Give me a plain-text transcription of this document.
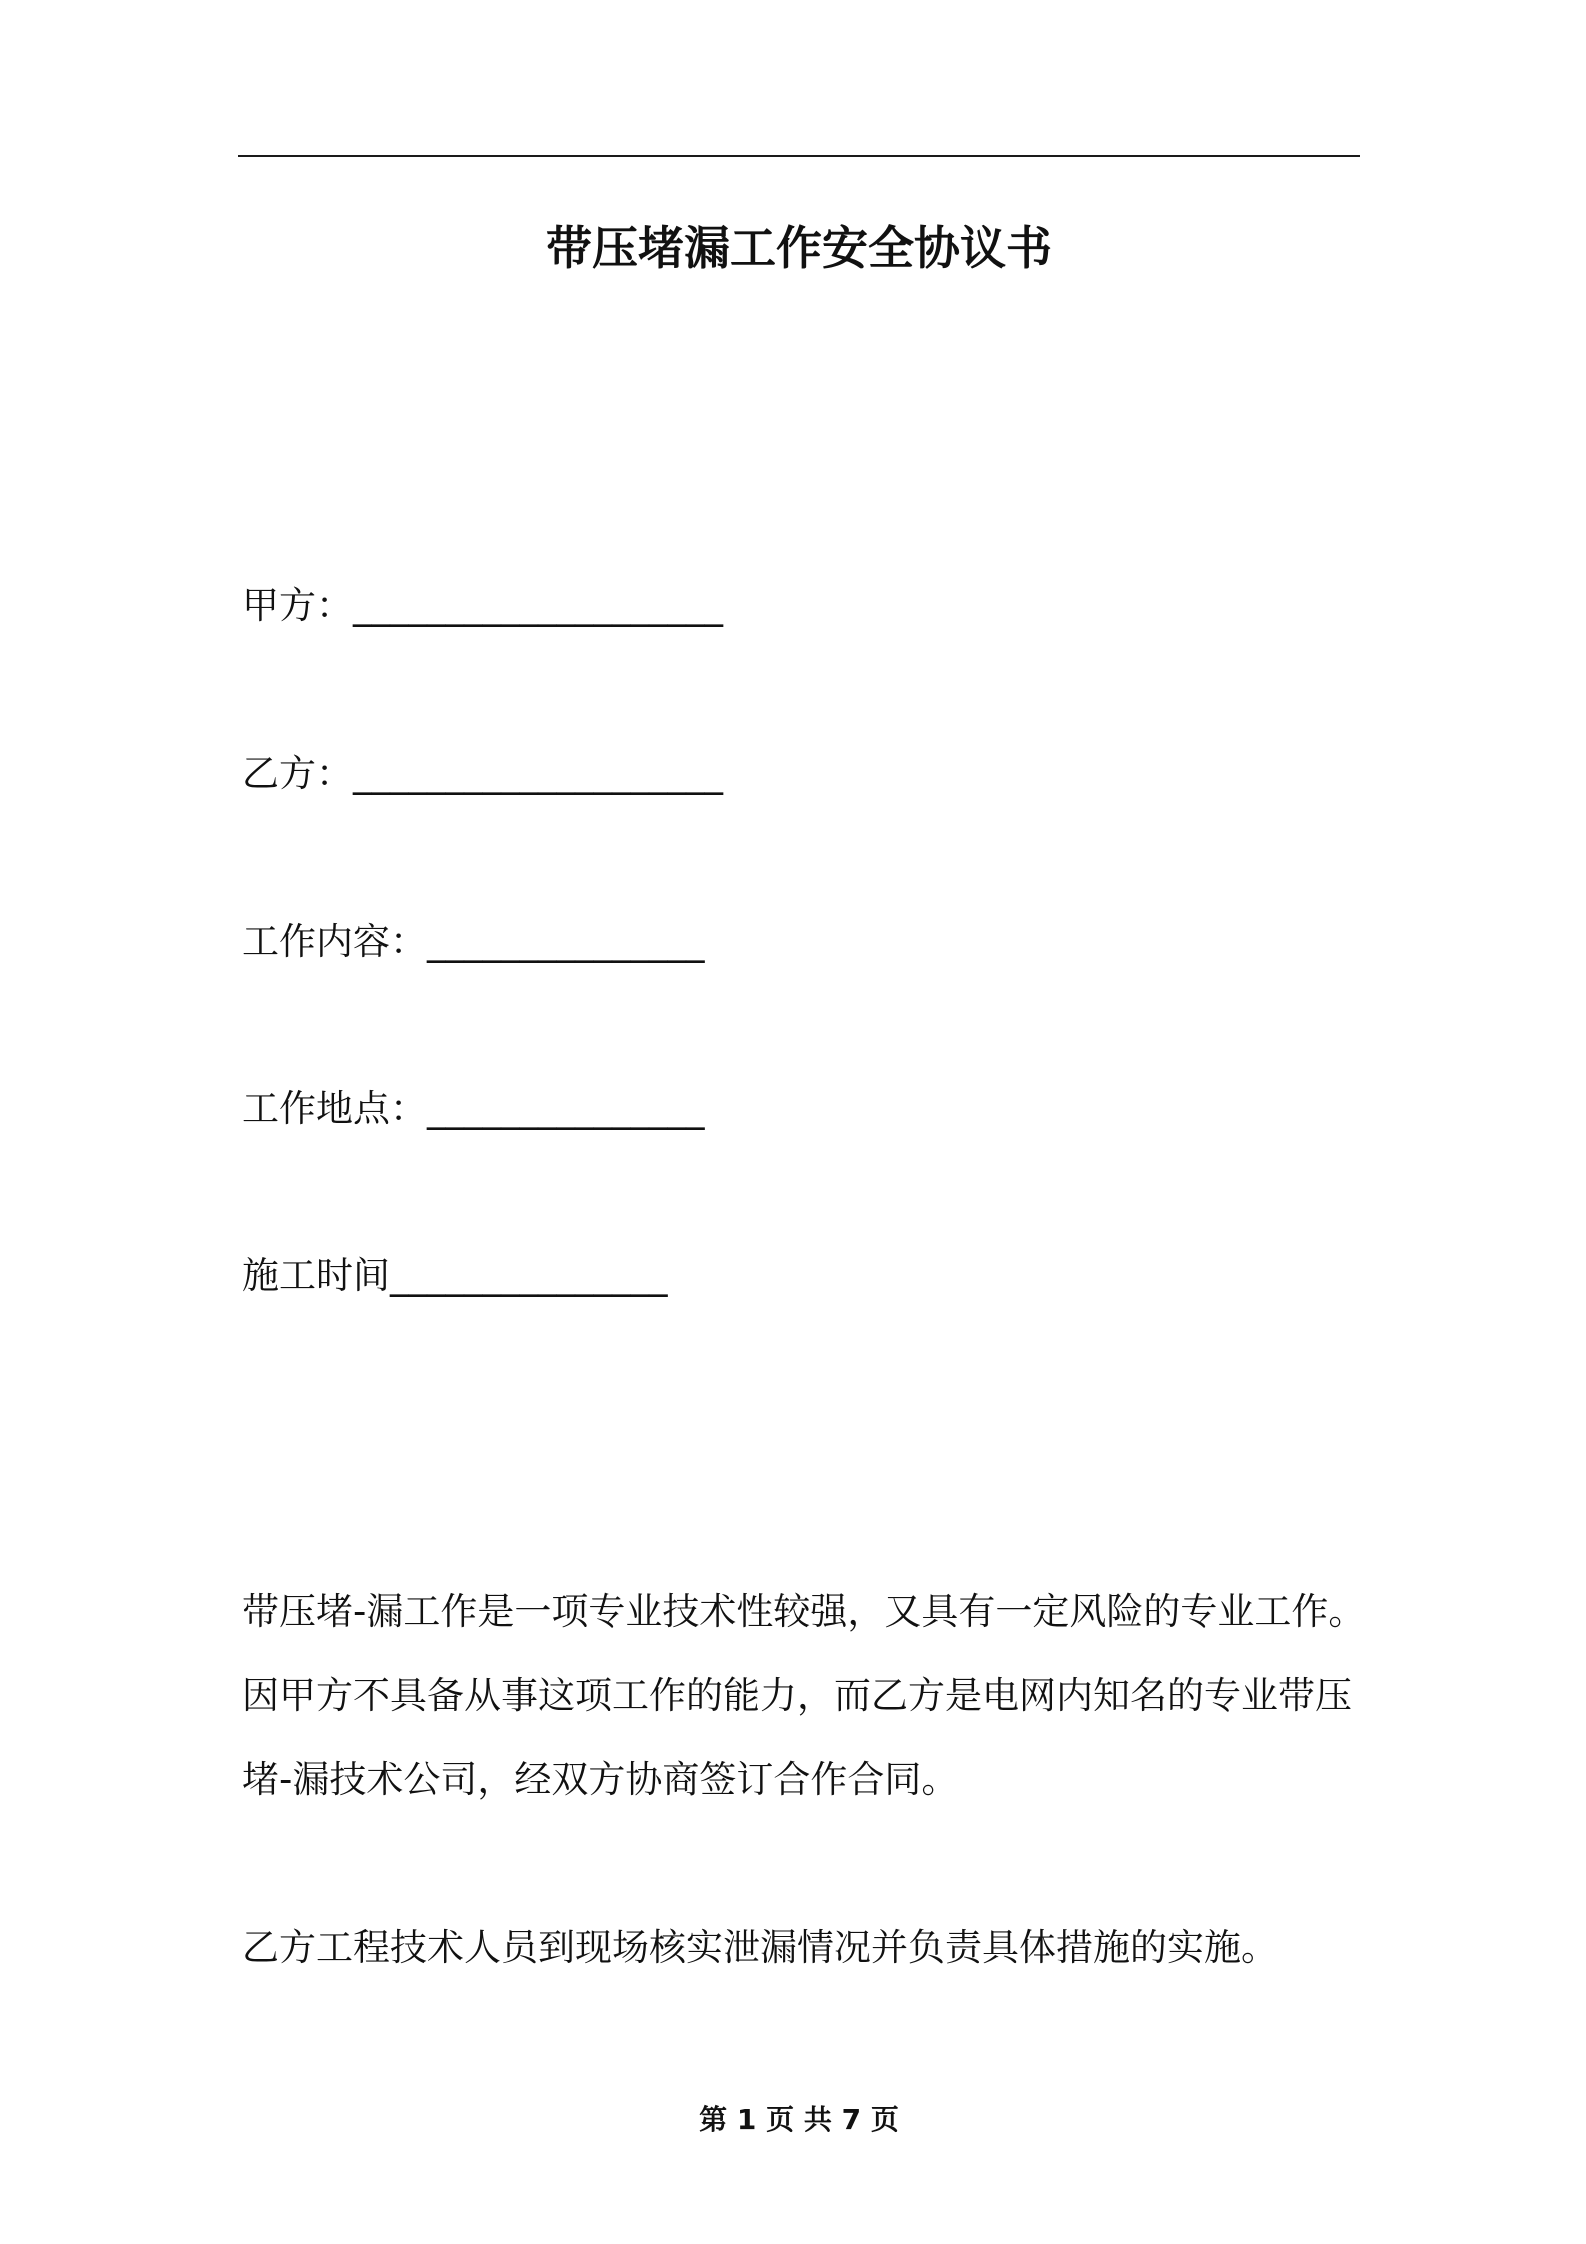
带压堵漏工作安全协议书
甲方：____________________
乙方：____________________
工作内容：_______________
工作地点：_______________
施工时间_______________
带压堵-漏工作是一项专业技术性较强，又具有一定风险的专业工作。
因甲方不具备从事这项工作的能力，而乙方是电网内知名的专业带压
堵-漏技术公司，经双方协商签订合作合同。
乙方工程技术人员到现场核实泄漏情况并负责具体措施的实施。
第 1 页 共 7 页
